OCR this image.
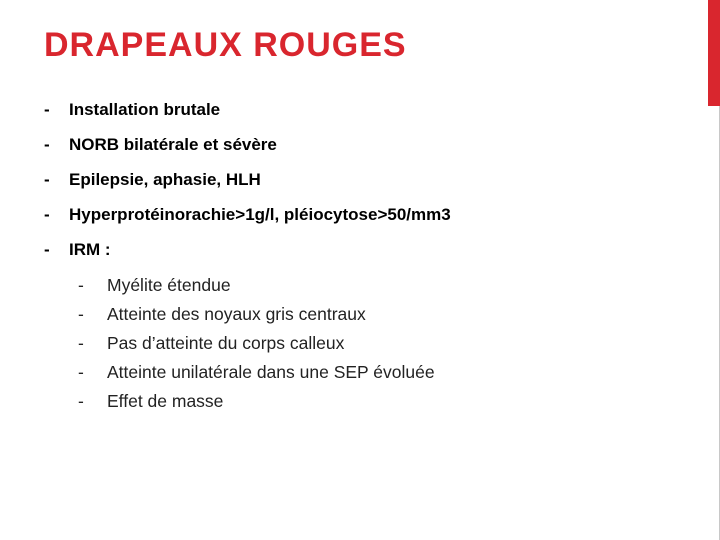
DRAPEAUX ROUGES
-	Installation brutale
-	NORB bilatérale et sévère
-	Epilepsie, aphasie, HLH
-	Hyperprotéinorachie>1g/l, pléiocytose>50/mm3
-	IRM :
-	Myélite étendue
-	Atteinte des noyaux gris centraux
-	Pas d’atteinte du corps calleux
-	Atteinte unilatérale dans une SEP évoluée
-	Effet de masse
